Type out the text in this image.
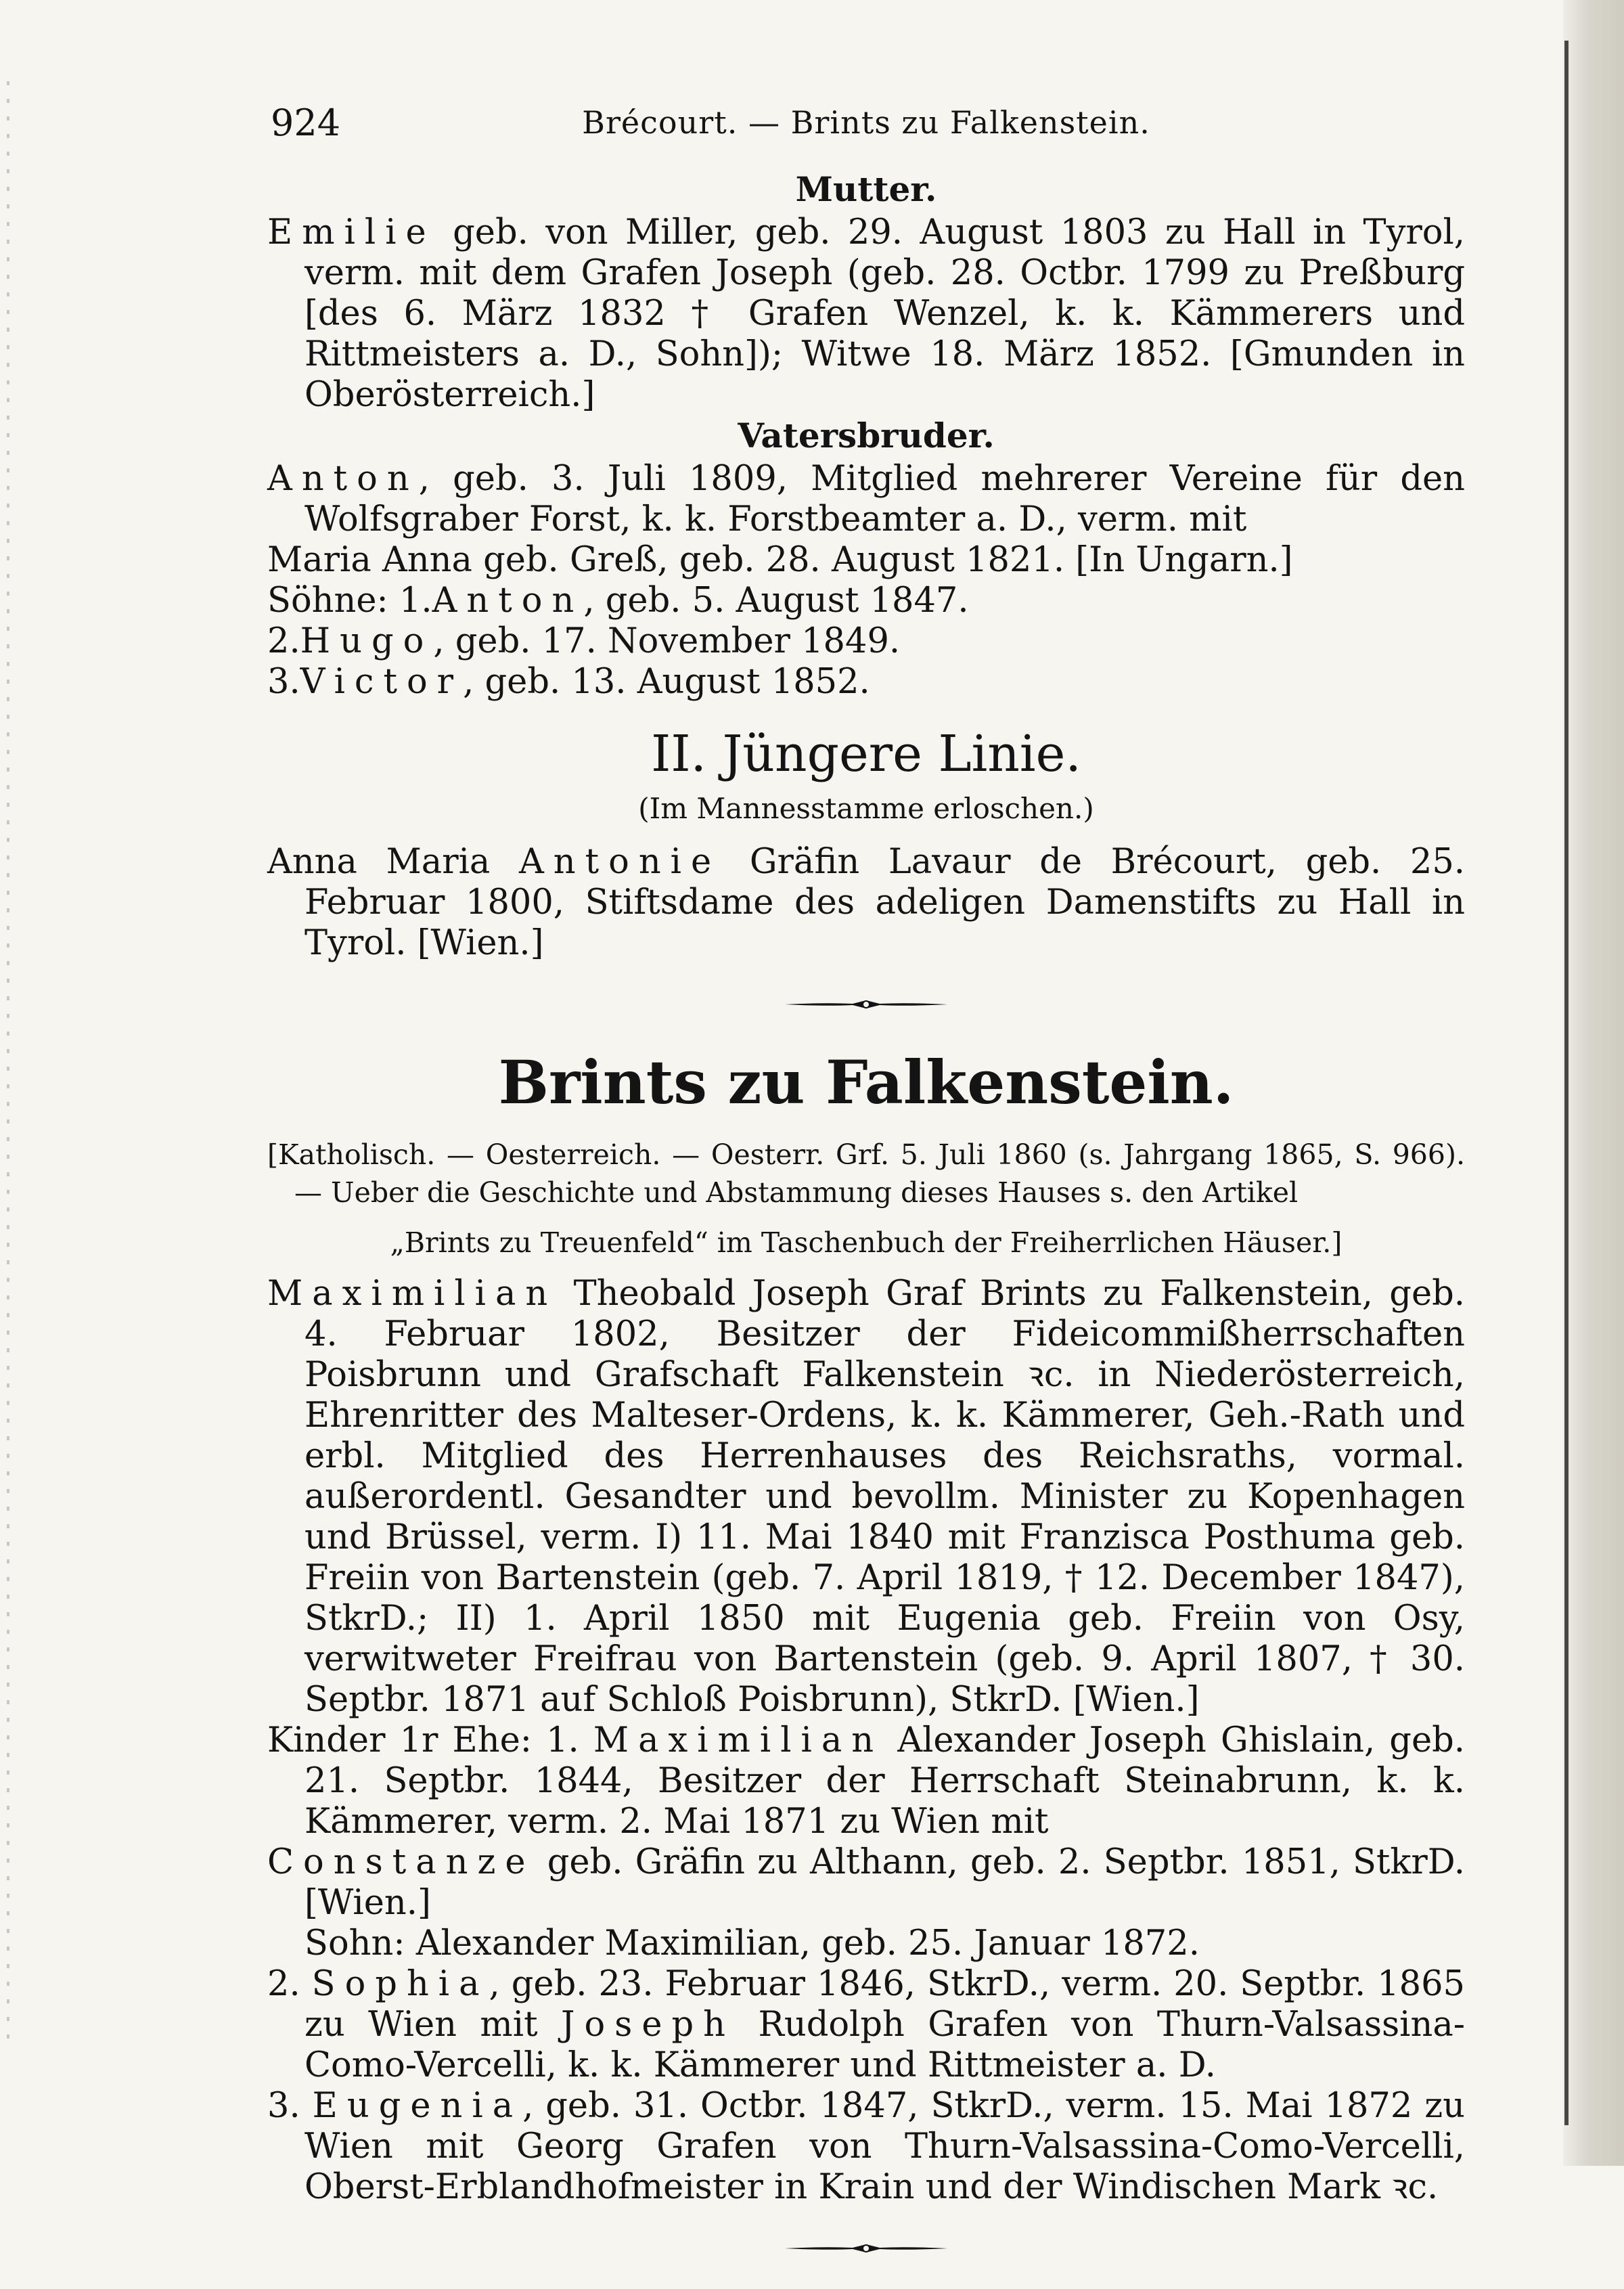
924	Brécourt. — Brints zu Falkenstein.
Mutter.

Emilie geb. von Miller, geb. 29. August 1803 zu Hall in Tyrol, verm. mit dem Grafen Joseph (geb. 28. Octbr. 1799 zu Preßburg [des 6. März 1832 † Grafen Wenzel, k. k. Kämmerers und Rittmeisters a. D., Sohn]); Witwe 18. März 1852. [Gmunden in Oberösterreich.]

Vatersbruder.

Anton, geb. 3. Juli 1809, Mitglied mehrerer Vereine für den Wolfsgraber Forst, k. k. Forstbeamter a. D., verm. mit

Maria Anna geb. Greß, geb. 28. August 1821. [In Ungarn.]

Söhne: 1.Anton, geb. 5. August 1847.

2.Hugo, geb. 17. November 1849.

3.Victor, geb. 13. August 1852.

II. Jüngere Linie.
(Im Mannesstamme erloschen.)

Anna Maria Antonie Gräfin Lavaur de Brécourt, geb. 25. Februar 1800, Stiftsdame des adeligen Damenstifts zu Hall in Tyrol. [Wien.]

Brints zu Falkenstein.

[Katholisch. — Oesterreich. — Oesterr. Grf. 5. Juli 1860 (s. Jahrgang 1865, S. 966). — Ueber die Geschichte und Abstammung dieses Hauses s. den Artikel

„Brints zu Treuenfeld“ im Taschenbuch der Freiherrlichen Häuser.]

Maximilian Theobald Joseph Graf Brints zu Falkenstein, geb. 4. Februar 1802, Besitzer der Fideicommißherrschaften Poisbrunn und Grafschaft Falkenstein ꝛc. in Niederösterreich, Ehrenritter des Malteser-Ordens, k. k. Kämmerer, Geh.-Rath und erbl. Mitglied des Herrenhauses des Reichsraths, vormal. außerordentl. Gesandter und bevollm. Minister zu Kopenhagen und Brüssel, verm. I) 11. Mai 1840 mit Franzisca Posthuma geb. Freiin von Bartenstein (geb. 7. April 1819, † 12. December 1847), StkrD.; II) 1. April 1850 mit Eugenia geb. Freiin von Osy, verwitweter Freifrau von Bartenstein (geb. 9. April 1807, † 30. Septbr. 1871 auf Schloß Poisbrunn), StkrD. [Wien.]

Kinder 1r Ehe: 1. Maximilian Alexander Joseph Ghislain, geb. 21. Septbr. 1844, Besitzer der Herrschaft Steinabrunn, k. k. Kämmerer, verm. 2. Mai 1871 zu Wien mit

Constanze geb. Gräfin zu Althann, geb. 2. Septbr. 1851, StkrD. [Wien.]

Sohn: Alexander Maximilian, geb. 25. Januar 1872.

2. Sophia, geb. 23. Februar 1846, StkrD., verm. 20. Septbr. 1865 zu Wien mit Joseph Rudolph Grafen von Thurn-Valsassina-Como-Vercelli, k. k. Kämmerer und Rittmeister a. D.

3. Eugenia, geb. 31. Octbr. 1847, StkrD., verm. 15. Mai 1872 zu Wien mit Georg Grafen von Thurn-Valsassina-Como-Vercelli, Oberst-Erblandhofmeister in Krain und der Windischen Mark ꝛc.
